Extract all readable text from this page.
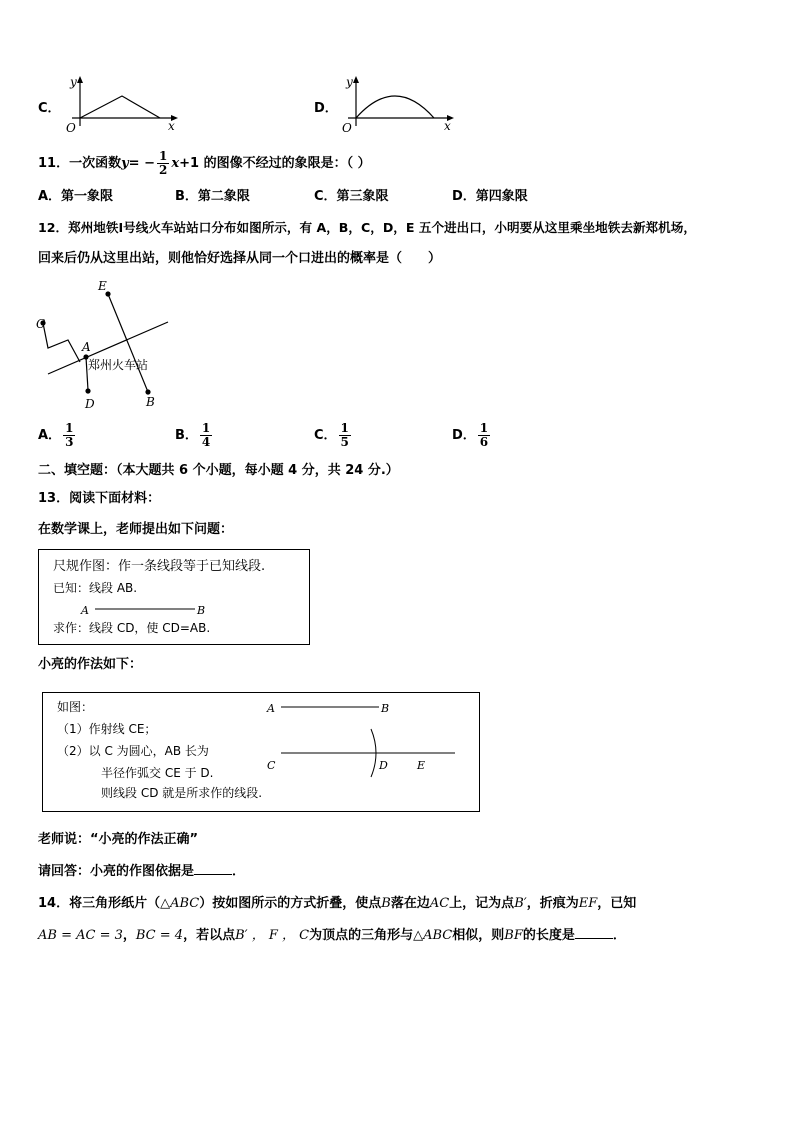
C．
y
x
O
D．
y
x
O
11． 一次函数 y = − $\frac{1}{2}$ x +1 的图像不经过的象限是：（ ）
A．第一象限	B．第二象限	C．第三象限	D．第四象限
12．郑州地铁Ⅰ号线火车站站口分布如图所示，有 A，B，C，D，E 五个进出口，小明要从这里乘坐地铁去新郑机场，
回来后仍从这里出站，则他恰好选择从同一个口进出的概率是（　　）
C
A
D
E
B
郑州火车站
A． $\frac{1}{3}$	B． $\frac{1}{4}$	C． $\frac{1}{5}$	D． $\frac{1}{6}$
二、填空题：（本大题共 6 个小题，每小题 4 分，共 24 分.）
13．阅读下面材料：
在数学课上，老师提出如下问题：
尺规作图：作一条线段等于已知线段.
已知：线段 AB.
A	B
求作：线段 CD，使 CD=AB.
小亮的作法如下：
如图：
（1）作射线 CE；
（2）以 C 为圆心，AB 长为
半径作弧交 CE 于 D.
则线段 CD 就是所求作的线段.
A	B
C	D	E
老师说：“小亮的作法正确”
请回答：小亮的作图依据是	．
14．将三角形纸片（△ABC）按如图所示的方式折叠，使点B落在边AC上，记为点B′，折痕为EF，已知
AB = AC = 3，BC = 4，若以点B′ ， F ， C为顶点的三角形与△ABC相似，则BF的长度是	．
